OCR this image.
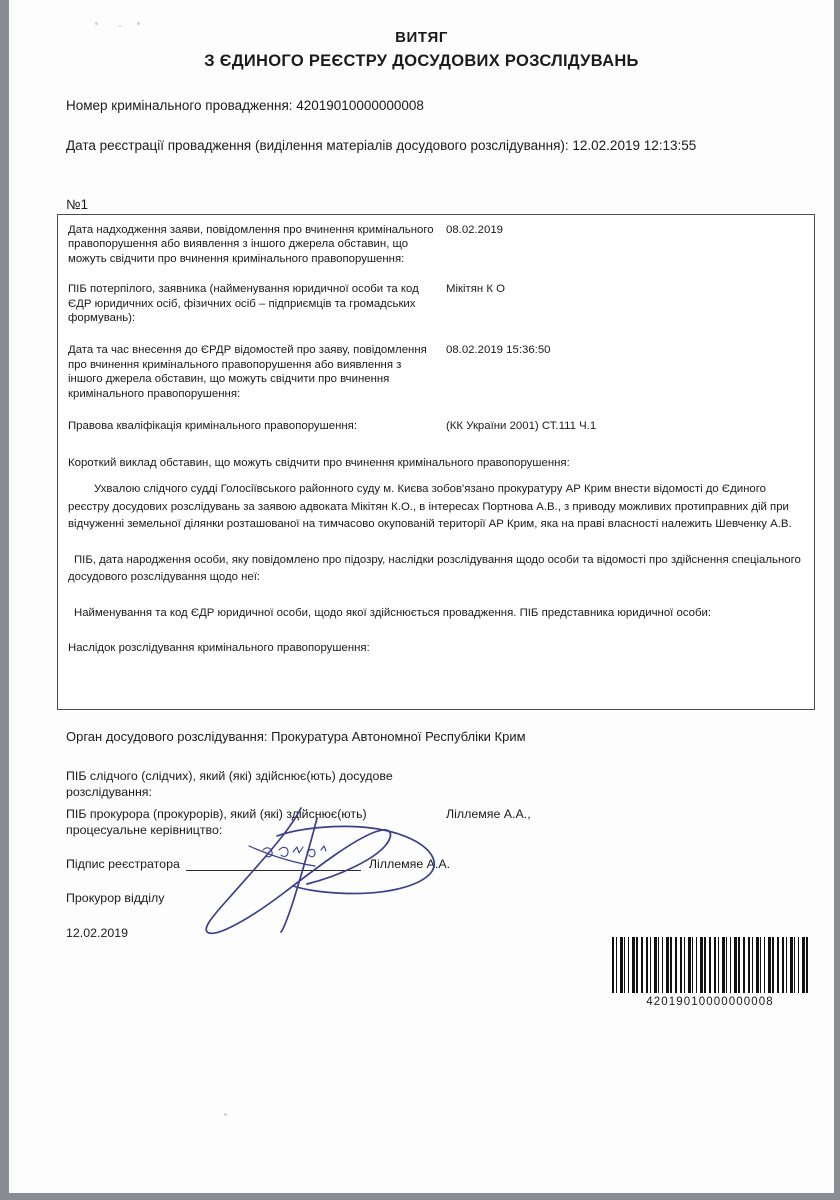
ВИТЯГ
З ЄДИНОГО РЕЄСТРУ ДОСУДОВИХ РОЗСЛІДУВАНЬ
Номер кримінального провадження: 42019010000000008
Дата реєстрації провадження (виділення матеріалів досудового розслідування): 12.02.2019 12:13:55
№1
Дата надходження заяви, повідомлення про вчинення кримінального правопорушення або виявлення з іншого джерела обставин, що можуть свідчити про вчинення кримінального правопорушення:
08.02.2019
ПІБ потерпілого, заявника (найменування юридичної особи та код ЄДР юридичних осіб, фізичних осіб – підприємців та громадських формувань):
Мікітян К О
Дата та час внесення до ЄРДР відомостей про заяву, повідомлення про вчинення кримінального правопорушення або виявлення з іншого джерела обставин, що можуть свідчити про вчинення кримінального правопорушення:
08.02.2019 15:36:50
Правова кваліфікація кримінального правопорушення:	(КК України 2001) СТ.111 Ч.1
Короткий виклад обставин, що можуть свідчити про вчинення кримінального правопорушення:
Ухвалою слідчого судді Голосіївського районного суду м. Києва зобов'язано прокуратуру АР Крим внести відомості до Єдиного реєстру досудових розслідувань за заявою адвоката Мікітян К.О., в інтересах Портнова А.В., з приводу можливих протиправних дій при відчуженні земельної ділянки розташованої на тимчасово окупованій території АР Крим, яка на праві власності належить Шевченку А.В.
ПІБ, дата народження особи, яку повідомлено про підозру, наслідки розслідування щодо особи та відомості про здійснення спеціального досудового розслідування щодо неї:
Найменування та код ЄДР юридичної особи, щодо якої здійснюється провадження. ПІБ представника юридичної особи:
Наслідок розслідування кримінального правопорушення:
Орган досудового розслідування: Прокуратура Автономної Республіки Крим
ПІБ слідчого (слідчих), який (які) здійснює(ють) досудове розслідування:
ПІБ прокурора (прокурорів), який (які) здійснює(ють) процесуальне керівництво:Ліллемяе А.А.,
Підпис реєстратора	Ліллемяе А.А.
Прокурор відділу
12.02.2019
42019010000000008
